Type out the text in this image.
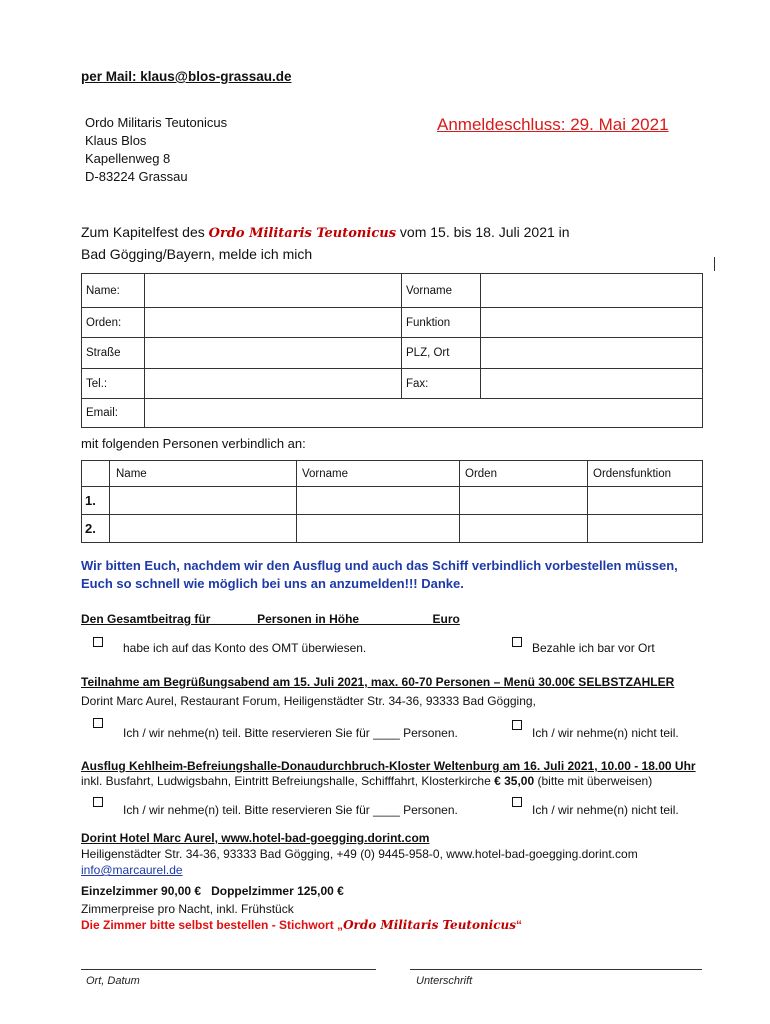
per Mail: klaus@blos-grassau.de
Ordo Militaris Teutonicus
Klaus Blos
Kapellenweg 8
D-83224 Grassau
Anmeldeschluss: 29. Mai 2021
Zum Kapitelfest des Ordo Militaris Teutonicus vom 15. bis 18. Juli 2021 in
Bad Gögging/Bayern, melde ich mich
Name:		Vorname	
Orden:		Funktion	
Straße		PLZ, Ort	
Tel.:		Fax:	
Email:			
mit folgenden Personen verbindlich an:
	Name	Vorname	Orden	Ordensfunktion
1.				
2.				
Wir bitten Euch, nachdem wir den Ausflug und auch das Schiff verbindlich vorbestellen müssen,
Euch so schnell wie möglich bei uns an anzumelden!!! Danke.
Den Gesamtbeitrag für ______ Personen in Höhe __________ Euro
habe ich auf das Konto des OMT überwiesen.	Bezahle ich bar vor Ort
Teilnahme am Begrüßungsabend am 15. Juli 2021, max. 60-70 Personen – Menü 30.00€ SELBSTZAHLER
Dorint Marc Aurel, Restaurant Forum, Heiligenstädter Str. 34-36, 93333 Bad Gögging,
Ich / wir nehme(n) teil. Bitte reservieren Sie für ____ Personen.	Ich / wir nehme(n) nicht teil.
Ausflug Kehlheim-Befreiungshalle-Donaudurchbruch-Kloster Weltenburg am 16. Juli 2021, 10.00 - 18.00 Uhr
inkl. Busfahrt, Ludwigsbahn, Eintritt Befreiungshalle, Schifffahrt, Klosterkirche € 35,00 (bitte mit überweisen)
Ich / wir nehme(n) teil. Bitte reservieren Sie für ____ Personen.	Ich / wir nehme(n) nicht teil.
Dorint Hotel Marc Aurel, www.hotel-bad-goegging.dorint.com
Heiligenstädter Str. 34-36, 93333 Bad Gögging, +49 (0) 9445-958-0, www.hotel-bad-goegging.dorint.com
info@marcaurel.de
Einzelzimmer 90,00 €   Doppelzimmer 125,00 €
Zimmerpreise pro Nacht, inkl. Frühstück
Die Zimmer bitte selbst bestellen - Stichwort „Ordo Militaris Teutonicus“
Ort, Datum	Unterschrift
